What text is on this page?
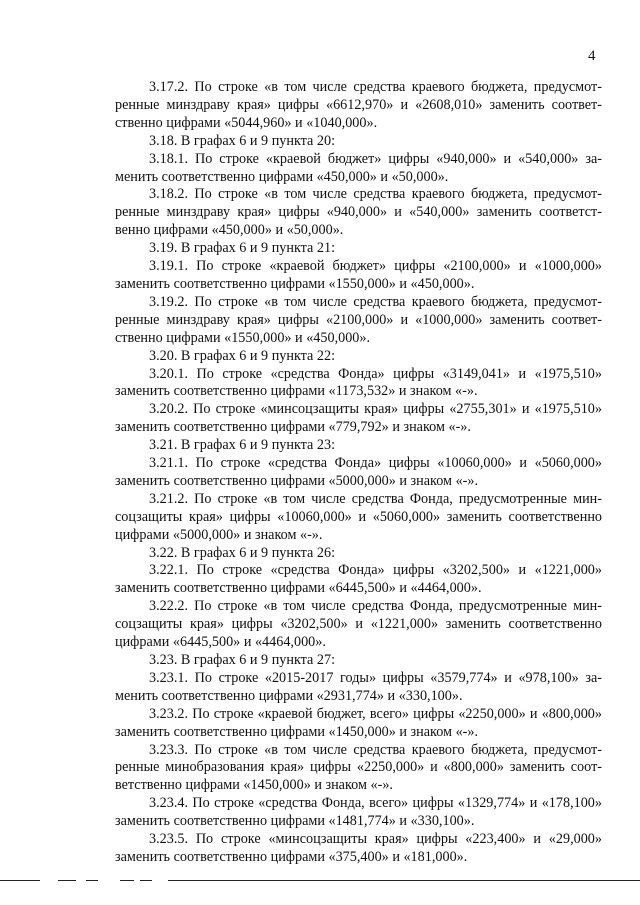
4

3.17.2. По строке «в том числе средства краевого бюджета, предусмотренные минздраву края» цифры «6612,970» и «2608,010» заменить соответственно цифрами «5044,960» и «1040,000».

3.18. В графах 6 и 9 пункта 20:

3.18.1. По строке «краевой бюджет» цифры «940,000» и «540,000» заменить соответственно цифрами «450,000» и «50,000».

3.18.2. По строке «в том числе средства краевого бюджета, предусмотренные минздраву края» цифры «940,000» и «540,000» заменить соответственно цифрами «450,000» и «50,000».

3.19. В графах 6 и 9 пункта 21:

3.19.1. По строке «краевой бюджет» цифры «2100,000» и «1000,000» заменить соответственно цифрами «1550,000» и «450,000».

3.19.2. По строке «в том числе средства краевого бюджета, предусмотренные минздраву края» цифры «2100,000» и «1000,000» заменить соответственно цифрами «1550,000» и «450,000».

3.20. В графах 6 и 9 пункта 22:

3.20.1. По строке «средства Фонда» цифры «3149,041» и «1975,510» заменить соответственно цифрами «1173,532» и знаком «-».

3.20.2. По строке «минсоцзащиты края» цифры «2755,301» и «1975,510» заменить соответственно цифрами «779,792» и знаком «-».

3.21. В графах 6 и 9 пункта 23:

3.21.1. По строке «средства Фонда» цифры «10060,000» и «5060,000» заменить соответственно цифрами «5000,000» и знаком «-».

3.21.2. По строке «в том числе средства Фонда, предусмотренные минсоцзащиты края» цифры «10060,000» и «5060,000» заменить соответственно цифрами «5000,000» и знаком «-».

3.22. В графах 6 и 9 пункта 26:

3.22.1. По строке «средства Фонда» цифры «3202,500» и «1221,000» заменить соответственно цифрами «6445,500» и «4464,000».

3.22.2. По строке «в том числе средства Фонда, предусмотренные минсоцзащиты края» цифры «3202,500» и «1221,000» заменить соответственно цифрами «6445,500» и «4464,000».

3.23. В графах 6 и 9 пункта 27:

3.23.1. По строке «2015-2017 годы» цифры «3579,774» и «978,100» заменить соответственно цифрами «2931,774» и «330,100».

3.23.2. По строке «краевой бюджет, всего» цифры «2250,000» и «800,000» заменить соответственно цифрами «1450,000» и знаком «-».

3.23.3. По строке «в том числе средства краевого бюджета, предусмотренные минобразования края» цифры «2250,000» и «800,000» заменить соответственно цифрами «1450,000» и знаком «-».

3.23.4. По строке «средства Фонда, всего» цифры «1329,774» и «178,100» заменить соответственно цифрами «1481,774» и «330,100».

3.23.5. По строке «минсоцзащиты края» цифры «223,400» и «29,000» заменить соответственно цифрами «375,400» и «181,000».
